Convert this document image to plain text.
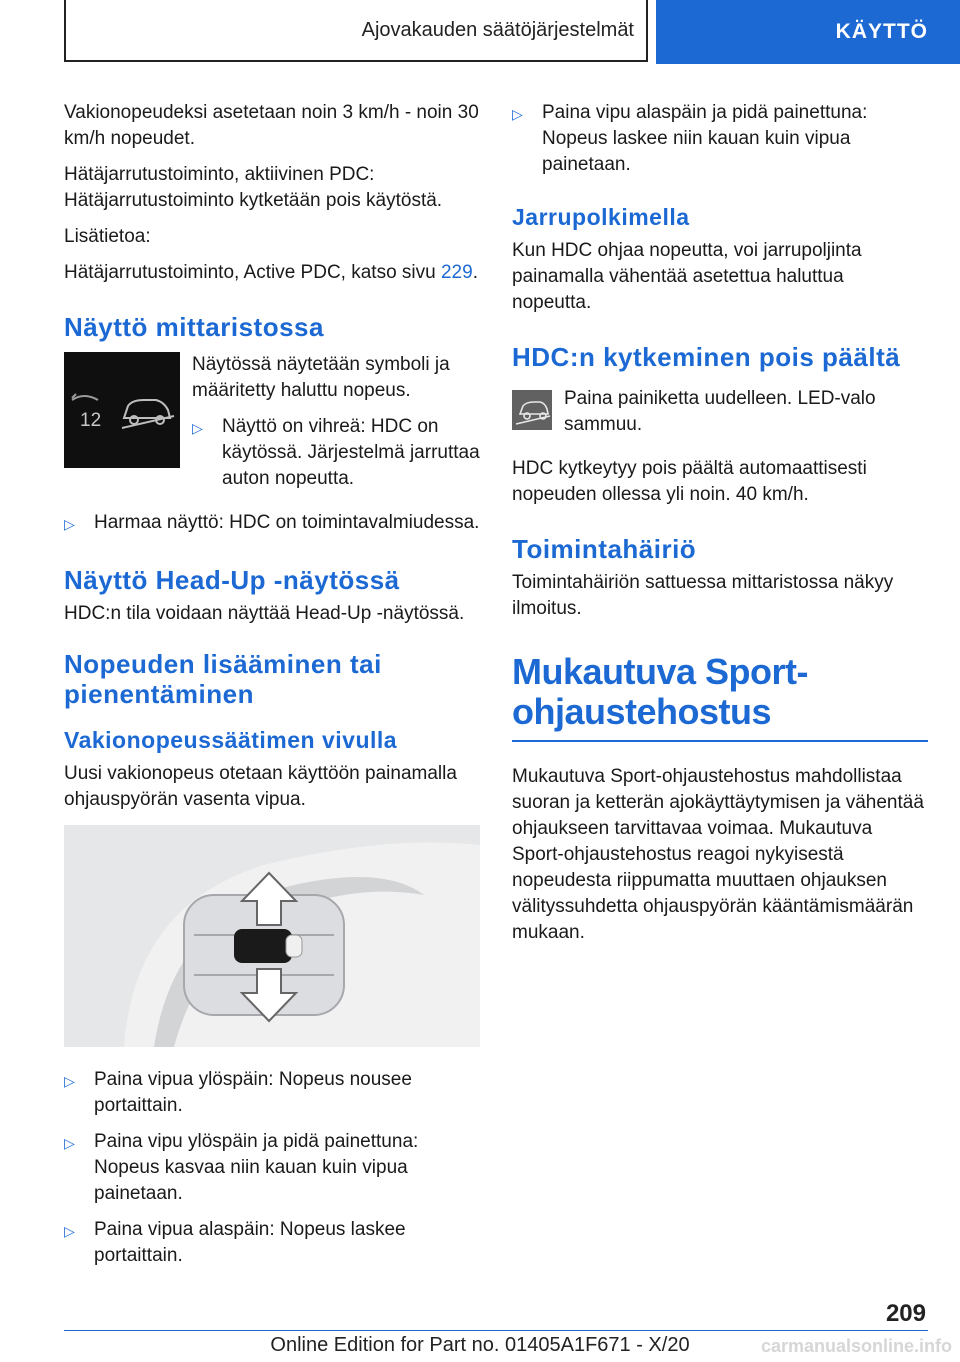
Ajovakauden säätöjärjestelmät	KÄYTTÖ

Vakionopeudeksi asetetaan noin 3 km/h - noin 30 km/h nopeudet.

Hätäjarrutustoiminto, aktiivinen PDC: Hätäjarrutustoiminto kytketään pois käytöstä.

Lisätietoa:

Hätäjarrutustoiminto, Active PDC, katso sivu 229.

Näyttö mittaristossa
12

Näytössä näytetään symboli ja määritetty haluttu nopeus.

▷	Näyttö on vihreä: HDC on käytössä. Järjestelmä jarruttaa auton nopeutta.
▷	Harmaa näyttö: HDC on toimintavalmiudessa.
Näyttö Head-Up -näytössä

HDC:n tila voidaan näyttää Head-Up -näytössä.

Nopeuden lisääminen tai pienentäminen
Vakionopeussäätimen vivulla

Uusi vakionopeus otetaan käyttöön painamalla ohjauspyörän vasenta vipua.

▷	Paina vipua ylöspäin: Nopeus nousee portaittain.
▷	Paina vipu ylöspäin ja pidä painettuna: Nopeus kasvaa niin kauan kuin vipua painetaan.
▷	Paina vipua alaspäin: Nopeus laskee portaittain.
▷	Paina vipu alaspäin ja pidä painettuna: Nopeus laskee niin kauan kuin vipua painetaan.
Jarrupolkimella

Kun HDC ohjaa nopeutta, voi jarrupoljinta painamalla vähentää asetettua haluttua nopeutta.

HDC:n kytkeminen pois päältä

Paina painiketta uudelleen. LED-valo sammuu.

HDC kytkeytyy pois päältä automaattisesti nopeuden ollessa yli noin. 40 km/h.

Toimintahäiriö

Toimintahäiriön sattuessa mittaristossa näkyy ilmoitus.

Mukautuva Sport-ohjaustehostus

Mukautuva Sport-ohjaustehostus mahdollistaa suoran ja ketterän ajokäyttäytymisen ja vähentää ohjaukseen tarvittavaa voimaa. Mukautuva Sport-ohjaustehostus reagoi nykyisestä nopeudesta riippumatta muuttaen ohjauksen välityssuhdetta ohjauspyörän kääntämismäärän mukaan.

209
Online Edition for Part no. 01405A1F671 - X/20	carmanualsonline.info
